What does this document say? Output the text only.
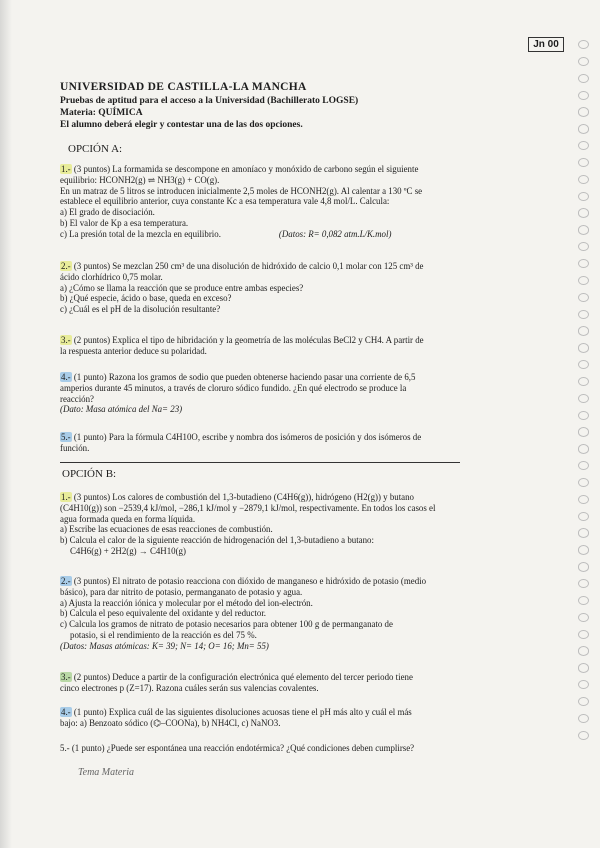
Jn 00
UNIVERSIDAD DE CASTILLA-LA MANCHA
Pruebas de aptitud para el acceso a la Universidad (Bachillerato LOGSE)
Materia: QUÍMICA
El alumno deberá elegir y contestar una de las dos opciones.
OPCIÓN A:

1.- (3 puntos) La formamida se descompone en amoníaco y monóxido de carbono según el siguiente

equilibrio: HCONH2(g) ⇌ NH3(g) + CO(g).

En un matraz de 5 litros se introducen inicialmente 2,5 moles de HCONH2(g). Al calentar a 130 ºC se

establece el equilibrio anterior, cuya constante Kc a esa temperatura vale 4,8 mol/L. Calcula:

a) El grado de disociación.

b) El valor de Kp a esa temperatura.

c) La presión total de la mezcla en equilibrio.	(Datos: R= 0,082 atm.L/K.mol)

2.- (3 puntos) Se mezclan 250 cm³ de una disolución de hidróxido de calcio 0,1 molar con 125 cm³ de

ácido clorhídrico 0,75 molar.

a) ¿Cómo se llama la reacción que se produce entre ambas especies?

b) ¿Qué especie, ácido o base, queda en exceso?

c) ¿Cuál es el pH de la disolución resultante?

3.- (2 puntos) Explica el tipo de hibridación y la geometría de las moléculas BeCl2 y CH4. A partir de

la respuesta anterior deduce su polaridad.

4.- (1 punto) Razona los gramos de sodio que pueden obtenerse haciendo pasar una corriente de 6,5

amperios durante 45 minutos, a través de cloruro sódico fundido. ¿En qué electrodo se produce la

reacción?

(Dato: Masa atómica del Na= 23)

5.- (1 punto) Para la fórmula C4H10O, escribe y nombra dos isómeros de posición y dos isómeros de

función.

OPCIÓN B:

1.- (3 puntos) Los calores de combustión del 1,3-butadieno (C4H6(g)), hidrógeno (H2(g)) y butano

(C4H10(g)) son −2539,4 kJ/mol, −286,1 kJ/mol y −2879,1 kJ/mol, respectivamente. En todos los casos el

agua formada queda en forma líquida.

a) Escribe las ecuaciones de esas reacciones de combustión.

b) Calcula el calor de la siguiente reacción de hidrogenación del 1,3-butadieno a butano:

C4H6(g) + 2H2(g) → C4H10(g)

2.- (3 puntos) El nitrato de potasio reacciona con dióxido de manganeso e hidróxido de potasio (medio

básico), para dar nitrito de potasio, permanganato de potasio y agua.

a) Ajusta la reacción iónica y molecular por el método del ion-electrón.

b) Calcula el peso equivalente del oxidante y del reductor.

c) Calcula los gramos de nitrato de potasio necesarios para obtener 100 g de permanganato de

potasio, si el rendimiento de la reacción es del 75 %.

(Datos: Masas atómicas: K= 39; N= 14; O= 16; Mn= 55)

3.- (2 puntos) Deduce a partir de la configuración electrónica qué elemento del tercer periodo tiene

cinco electrones p (Z=17). Razona cuáles serán sus valencias covalentes.

4.- (1 punto) Explica cuál de las siguientes disoluciones acuosas tiene el pH más alto y cuál el más

bajo: a) Benzoato sódico (⌬–COONa), b) NH4Cl, c) NaNO3.

5.- (1 punto) ¿Puede ser espontánea una reacción endotérmica? ¿Qué condiciones deben cumplirse?

Tema Materia
